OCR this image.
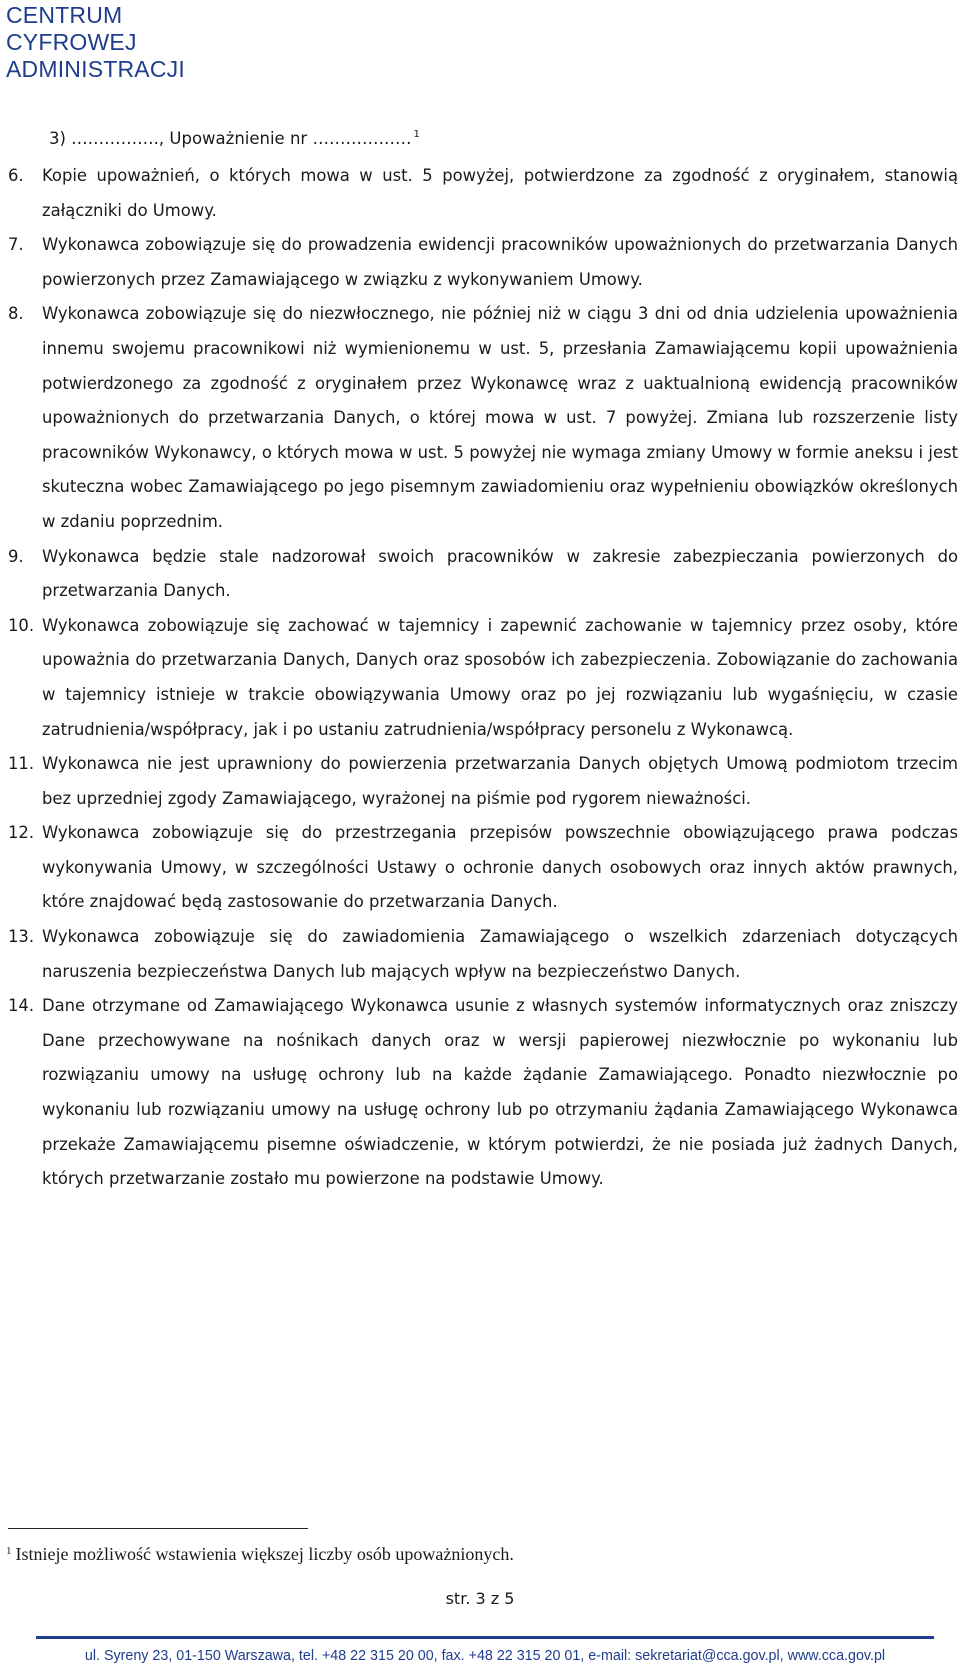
CENTRUM
CYFROWEJ
ADMINISTRACJI
3) ……………., Upoważnienie nr ……………… $^1$
6.	Kopie upoważnień, o których mowa w ust. 5 powyżej, potwierdzone za zgodność z oryginałem, stanowią załączniki do Umowy.
7.	Wykonawca zobowiązuje się do prowadzenia ewidencji pracowników upoważnionych do przetwarzania Danych powierzonych przez Zamawiającego w związku z wykonywaniem Umowy.
8.	Wykonawca zobowiązuje się do niezwłocznego, nie później niż w ciągu 3 dni od dnia udzielenia upoważnienia innemu swojemu pracownikowi niż wymienionemu w ust. 5, przesłania Zamawiającemu kopii upoważnienia potwierdzonego za zgodność z oryginałem przez Wykonawcę wraz z uaktualnioną ewidencją pracowników upoważnionych do przetwarzania Danych, o której mowa w ust. 7 powyżej. Zmiana lub rozszerzenie listy pracowników Wykonawcy, o których mowa w ust. 5 powyżej nie wymaga zmiany Umowy w formie aneksu i jest skuteczna wobec Zamawiającego po jego pisemnym zawiadomieniu oraz wypełnieniu obowiązków określonych w zdaniu poprzednim.
9.	Wykonawca będzie stale nadzorował swoich pracowników w zakresie zabezpieczania powierzonych do przetwarzania Danych.
10. Wykonawca zobowiązuje się zachować w tajemnicy i zapewnić zachowanie w tajemnicy przez osoby, które upoważnia do przetwarzania Danych, Danych oraz sposobów ich zabezpieczenia. Zobowiązanie do zachowania w tajemnicy istnieje w trakcie obowiązywania Umowy oraz po jej rozwiązaniu lub wygaśnięciu, w czasie zatrudnienia/współpracy, jak i po ustaniu zatrudnienia/współpracy personelu z Wykonawcą.
11. Wykonawca nie jest uprawniony do powierzenia przetwarzania Danych objętych Umową podmiotom trzecim bez uprzedniej zgody Zamawiającego, wyrażonej na piśmie pod rygorem nieważności.
12. Wykonawca zobowiązuje się do przestrzegania przepisów powszechnie obowiązującego prawa podczas wykonywania Umowy, w szczególności Ustawy o ochronie danych osobowych oraz innych aktów prawnych, które znajdować będą zastosowanie do przetwarzania Danych.
13. Wykonawca zobowiązuje się do zawiadomienia Zamawiającego o wszelkich zdarzeniach dotyczących naruszenia bezpieczeństwa Danych lub mających wpływ na bezpieczeństwo Danych.
14. Dane otrzymane od Zamawiającego Wykonawca usunie z własnych systemów informatycznych oraz zniszczy Dane przechowywane na nośnikach danych oraz w wersji papierowej niezwłocznie po wykonaniu lub rozwiązaniu umowy na usługę ochrony lub na każde żądanie Zamawiającego. Ponadto niezwłocznie po wykonaniu lub rozwiązaniu umowy na usługę ochrony lub po otrzymaniu żądania Zamawiającego Wykonawca przekaże Zamawiającemu pisemne oświadczenie, w którym potwierdzi, że nie posiada już żadnych Danych, których przetwarzanie zostało mu powierzone na podstawie Umowy.
$^1$ Istnieje możliwość wstawienia większej liczby osób upoważnionych.
str. 3 z 5
ul. Syreny 23, 01-150 Warszawa, tel. +48 22 315 20 00, fax. +48 22 315 20 01, e-mail: sekretariat@cca.gov.pl, www.cca.gov.pl
